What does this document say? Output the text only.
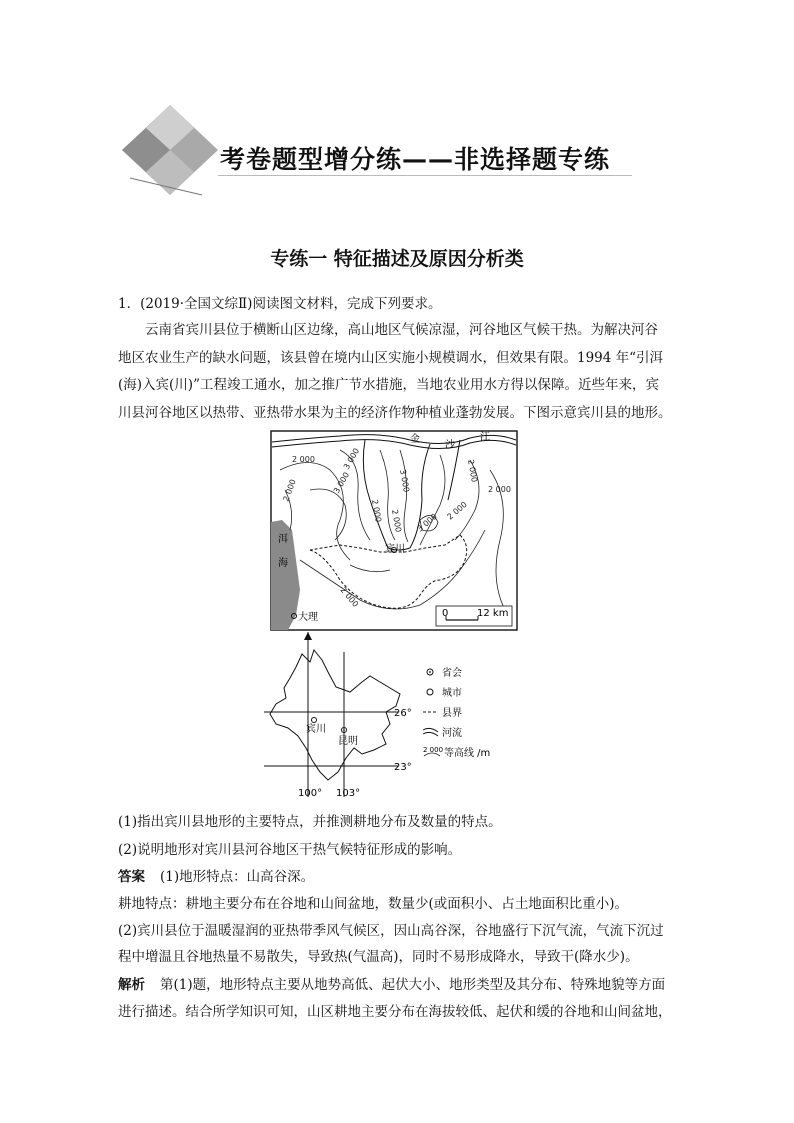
考卷题型增分练——非选择题专练
专练一 特征描述及原因分析类
1．(2019·全国文综Ⅱ)阅读图文材料，完成下列要求。
云南省宾川县位于横断山区边缘，高山地区气候凉湿，河谷地区气候干热。为解决河谷
地区农业生产的缺水问题，该县曾在境内山区实施小规模调水，但效果有限。1994 年“引洱
(海)入宾(川)”工程竣工通水，加之推广节水措施，当地农业用水方得以保障。近些年来，宾
川县河谷地区以热带、亚热带水果为主的经济作物种植业蓬勃发展。下图示意宾川县的地形。
金
沙
江
洱
海
宾川
大理	0	12 km
2 000
3 000
2 000
3 000
2 000 2 000
3 000	2 000
2 000
3 000
2 000
2 000
宾川
昆明
26°
23°
100° 103°
省会
城市
县界
河流
2 000 等高线 /m
(1)指出宾川县地形的主要特点，并推测耕地分布及数量的特点。
(2)说明地形对宾川县河谷地区干热气候特征形成的影响。
答案	(1)地形特点：山高谷深。
耕地特点：耕地主要分布在谷地和山间盆地，数量少(或面积小、占土地面积比重小)。
(2)宾川县位于温暖湿润的亚热带季风气候区，因山高谷深，谷地盛行下沉气流，气流下沉过
程中增温且谷地热量不易散失，导致热(气温高)，同时不易形成降水，导致干(降水少)。
解析	第(1)题，地形特点主要从地势高低、起伏大小、地形类型及其分布、特殊地貌等方面
进行描述。结合所学知识可知，山区耕地主要分布在海拔较低、起伏和缓的谷地和山间盆地，
